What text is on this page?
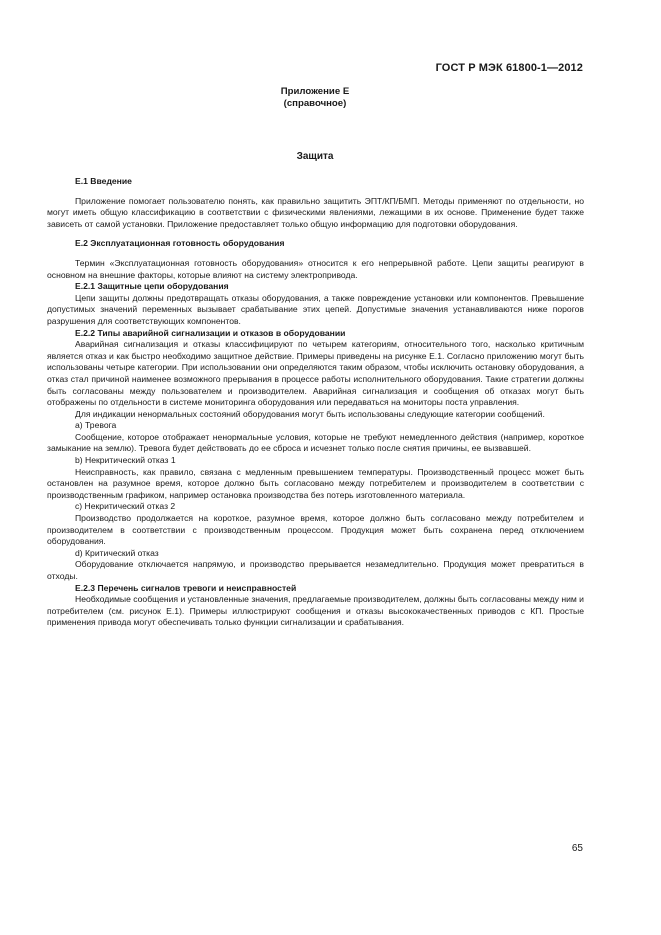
ГОСТ Р МЭК 61800-1—2012
Приложение Е
(справочное)
Защита

Е.1 Введение

Приложение помогает пользователю понять, как правильно защитить ЭПТ/КП/БМП. Методы применяют по отдельности, но могут иметь общую классификацию в соответствии с физическими явлениями, лежащими в их основе. Применение будет также зависеть от самой установки. Приложение предоставляет только общую информацию для подготовки оборудования.

Е.2 Эксплуатационная готовность оборудования

Термин «Эксплуатационная готовность оборудования» относится к его непрерывной работе. Цепи защиты реагируют в основном на внешние факторы, которые влияют на систему электропривода.

Е.2.1 Защитные цепи оборудования

Цепи защиты должны предотвращать отказы оборудования, а также повреждение установки или компонентов. Превышение допустимых значений переменных вызывает срабатывание этих цепей. Допустимые значения устанавливаются ниже порогов разрушения для соответствующих компонентов.

Е.2.2 Типы аварийной сигнализации и отказов в оборудовании

Аварийная сигнализация и отказы классифицируют по четырем категориям, относительного того, насколько критичным является отказ и как быстро необходимо защитное действие. Примеры приведены на рисунке Е.1. Согласно приложению могут быть использованы четыре категории. При использовании они определяются таким образом, чтобы исключить остановку оборудования, а отказ стал причиной наименее возможного прерывания в процессе работы исполнительного оборудования. Такие стратегии должны быть согласованы между пользователем и производителем. Аварийная сигнализация и сообщения об отказах могут быть отображены по отдельности в системе мониторинга оборудования или передаваться на мониторы поста управления.

Для индикации ненормальных состояний оборудования могут быть использованы следующие категории сообщений.

а) Тревога

Сообщение, которое отображает ненормальные условия, которые не требуют немедленного действия (например, короткое замыкание на землю). Тревога будет действовать до ее сброса и исчезнет только после снятия причины, ее вызвавшей.

b) Некритический отказ 1

Неисправность, как правило, связана с медленным превышением температуры. Производственный процесс может быть остановлен на разумное время, которое должно быть согласовано между потребителем и производителем в соответствии с производственным графиком, например остановка производства без потерь изготовленного материала.

с) Некритический отказ 2

Производство продолжается на короткое, разумное время, которое должно быть согласовано между потребителем и производителем в соответствии с производственным процессом. Продукция может быть сохранена перед отключением оборудования.

d) Критический отказ

Оборудование отключается напрямую, и производство прерывается незамедлительно. Продукция может превратиться в отходы.

Е.2.3 Перечень сигналов тревоги и неисправностей

Необходимые сообщения и установленные значения, предлагаемые производителем, должны быть согласованы между ним и потребителем (см. рисунок Е.1). Примеры иллюстрируют сообщения и отказы высококачественных приводов с КП. Простые применения привода могут обеспечивать только функции сигнализации и срабатывания.

65
